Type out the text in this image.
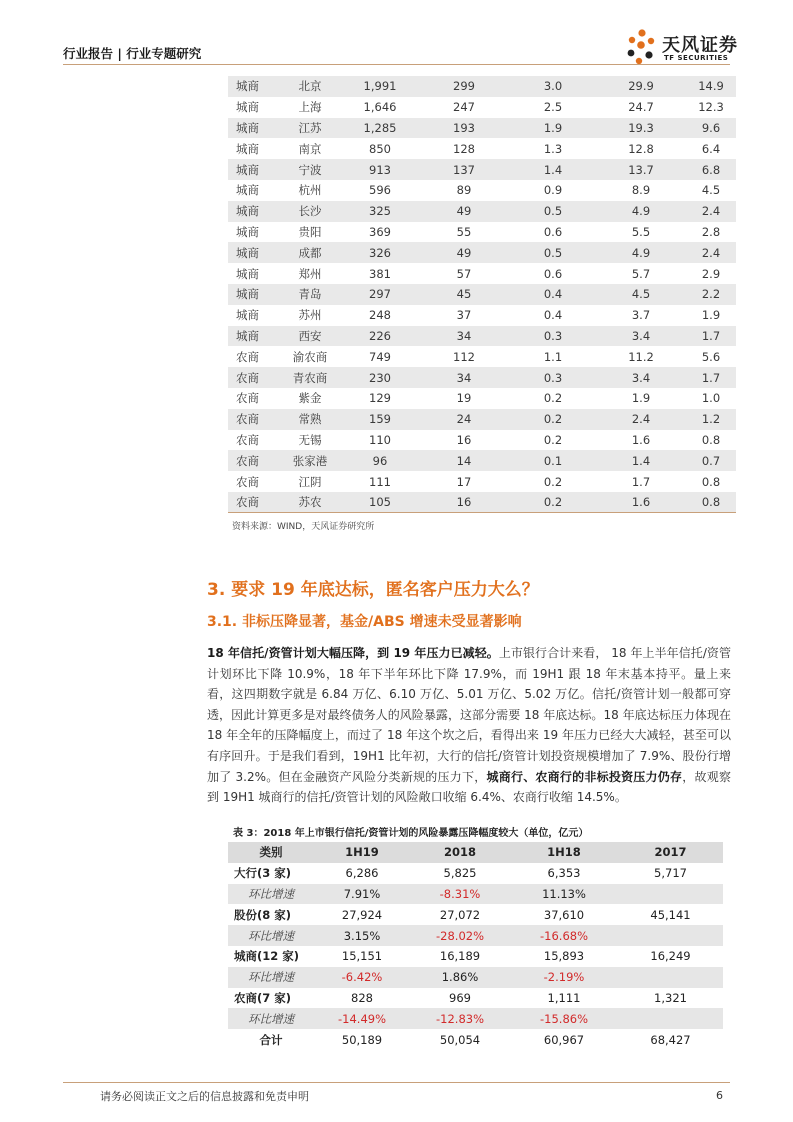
行业报告 | 行业专题研究	天风证券
TF SECURITIES
城商	北京	1,991	299	3.0	29.9	14.9
城商	上海	1,646	247	2.5	24.7	12.3
城商	江苏	1,285	193	1.9	19.3	9.6
城商	南京	850	128	1.3	12.8	6.4
城商	宁波	913	137	1.4	13.7	6.8
城商	杭州	596	89	0.9	8.9	4.5
城商	长沙	325	49	0.5	4.9	2.4
城商	贵阳	369	55	0.6	5.5	2.8
城商	成都	326	49	0.5	4.9	2.4
城商	郑州	381	57	0.6	5.7	2.9
城商	青岛	297	45	0.4	4.5	2.2
城商	苏州	248	37	0.4	3.7	1.9
城商	西安	226	34	0.3	3.4	1.7
农商	渝农商	749	112	1.1	11.2	5.6
农商	青农商	230	34	0.3	3.4	1.7
农商	紫金	129	19	0.2	1.9	1.0
农商	常熟	159	24	0.2	2.4	1.2
农商	无锡	110	16	0.2	1.6	0.8
农商	张家港	96	14	0.1	1.4	0.7
农商	江阴	111	17	0.2	1.7	0.8
农商	苏农	105	16	0.2	1.6	0.8
资料来源：WIND，天风证券研究所
3. 要求 19 年底达标，匿名客户压力大么？
3.1. 非标压降显著，基金/ABS 增速未受显著影响
18 年信托/资管计划大幅压降，到 19 年压力已减轻。上市银行合计来看， 18 年上半年信托/资管计划环比下降 10.9%，18 年下半年环比下降 17.9%，而 19H1 跟 18 年末基本持平。量上来看，这四期数字就是 6.84 万亿、6.10 万亿、5.01 万亿、5.02 万亿。信托/资管计划一般都可穿透，因此计算更多是对最终债务人的风险暴露，这部分需要 18 年底达标。18 年底达标压力体现在 18 年全年的压降幅度上，而过了 18 年这个坎之后，看得出来 19 年压力已经大大减轻，甚至可以有序回升。于是我们看到，19H1 比年初，大行的信托/资管计划投资规模增加了 7.9%、股份行增加了 3.2%。但在金融资产风险分类新规的压力下，城商行、农商行的非标投资压力仍存，故观察到 19H1 城商行的信托/资管计划的风险敞口收缩 6.4%、农商行收缩 14.5%。
表 3：2018 年上市银行信托/资管计划的风险暴露压降幅度较大（单位，亿元）
类别	1H19	2018	1H18	2017
大行(3 家)	6,286	5,825	6,353	5,717
环比增速	7.91%	-8.31%	11.13%	
股份(8 家)	27,924	27,072	37,610	45,141
环比增速	3.15%	-28.02%	-16.68%	
城商(12 家)	15,151	16,189	15,893	16,249
环比增速	-6.42%	1.86%	-2.19%	
农商(7 家)	828	969	1,111	1,321
环比增速	-14.49%	-12.83%	-15.86%	
合计	50,189	50,054	60,967	68,427
请务必阅读正文之后的信息披露和免责申明	6
